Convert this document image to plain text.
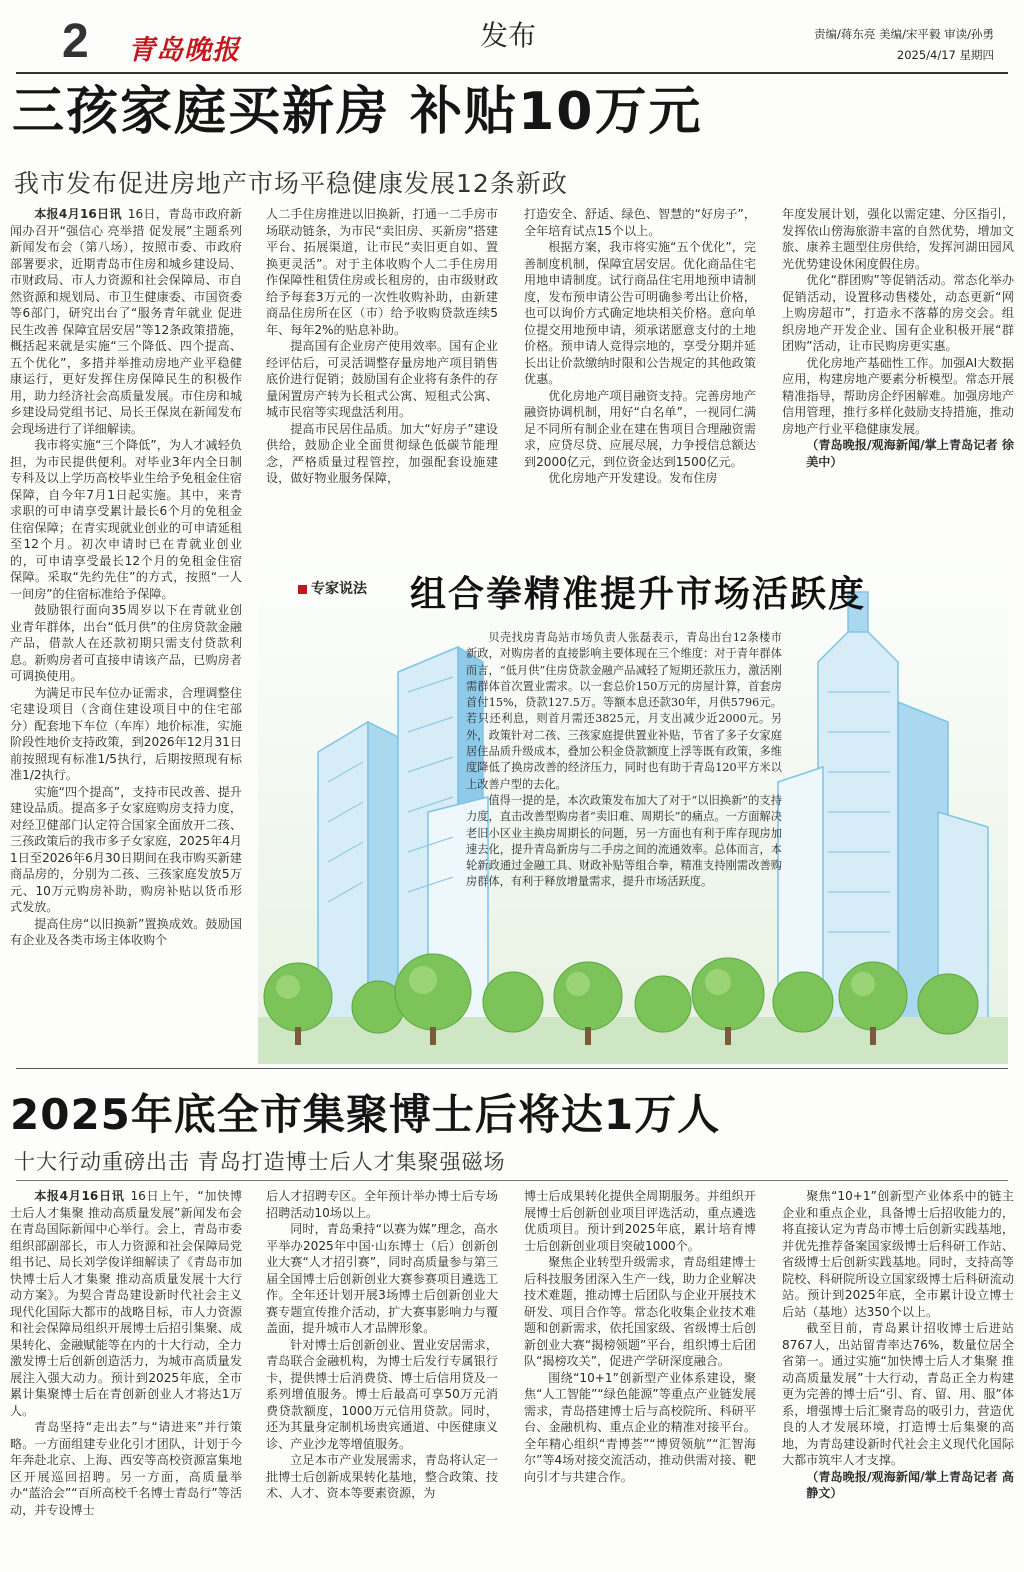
2 青岛晚报	发布	责编/蒋东亮 美编/宋平毅 审读/孙勇
2025/4/17 星期四
三孩家庭买新房 补贴10万元
我市发布促进房地产市场平稳健康发展12条新政

本报4月16日讯 16日，青岛市政府新闻办召开“强信心 亮举措 促发展”主题系列新闻发布会（第八场），按照市委、市政府部署要求，近期青岛市住房和城乡建设局、市财政局、市人力资源和社会保障局、市自然资源和规划局、市卫生健康委、市国资委等6部门，研究出台了“服务青年就业 促进民生改善 保障宜居安居”等12条政策措施，概括起来就是实施“三个降低、四个提高、五个优化”，多措并举推动房地产业平稳健康运行，更好发挥住房保障民生的积极作用，助力经济社会高质量发展。市住房和城乡建设局党组书记、局长王保岚在新闻发布会现场进行了详细解读。

我市将实施“三个降低”，为人才减轻负担，为市民提供便利。对毕业3年内全日制专科及以上学历高校毕业生给予免租金住宿保障，自今年7月1日起实施。其中，来青求职的可申请享受累计最长6个月的免租金住宿保障；在青实现就业创业的可申请延租至12个月。初次申请时已在青就业创业的，可申请享受最长12个月的免租金住宿保障。采取“先约先住”的方式，按照“一人一间房”的住宿标准给予保障。

鼓励银行面向35周岁以下在青就业创业青年群体，出台“低月供”的住房贷款金融产品，借款人在还款初期只需支付贷款利息。新购房者可直接申请该产品，已购房者可调换使用。

为满足市民车位办证需求，合理调整住宅建设项目（含商住建设项目中的住宅部分）配套地下车位（车库）地价标准，实施阶段性地价支持政策，到2026年12月31日前按照现有标准1/5执行，后期按照现有标准1/2执行。

实施“四个提高”，支持市民改善、提升建设品质。提高多子女家庭购房支持力度，对经卫健部门认定符合国家全面放开二孩、三孩政策后的我市多子女家庭，2025年4月1日至2026年6月30日期间在我市购买新建商品房的，分别为二孩、三孩家庭发放5万元、10万元购房补助，购房补贴以货币形式发放。

提高住房“以旧换新”置换成效。鼓励国有企业及各类市场主体收购个

人二手住房推进以旧换新，打通一二手房市场联动链条，为市民“卖旧房、买新房”搭建平台、拓展渠道，让市民“卖旧更自如、置换更灵活”。对于主体收购个人二手住房用作保障性租赁住房或长租房的，由市级财政给予每套3万元的一次性收购补助，由新建商品住房所在区（市）给予收购贷款连续5年、每年2%的贴息补助。

提高国有企业房产使用效率。国有企业经评估后，可灵活调整存量房地产项目销售底价进行促销；鼓励国有企业将有条件的存量闲置房产转为长租式公寓、短租式公寓、城市民宿等实现盘活利用。

提高市民居住品质。加大“好房子”建设供给，鼓励企业全面贯彻绿色低碳节能理念，严格质量过程管控，加强配套设施建设，做好物业服务保障，

打造安全、舒适、绿色、智慧的“好房子”，全年培育试点15个以上。

根据方案，我市将实施“五个优化”，完善制度机制，保障宜居安居。优化商品住宅用地申请制度。试行商品住宅用地预申请制度，发布预申请公告可明确参考出让价格，也可以询价方式确定地块相关价格。意向单位提交用地预申请，须承诺愿意支付的土地价格。预申请人竞得宗地的，享受分期并延长出让价款缴纳时限和公告规定的其他政策优惠。

优化房地产项目融资支持。完善房地产融资协调机制，用好“白名单”，一视同仁满足不同所有制企业在建在售项目合理融资需求，应贷尽贷、应展尽展，力争授信总额达到2000亿元，到位资金达到1500亿元。

优化房地产开发建设。发布住房

年度发展计划，强化以需定建、分区指引，发挥依山傍海旅游丰富的自然优势，增加文旅、康养主题型住房供给，发挥河湖田园风光优势建设休闲度假住房。

优化“群团购”等促销活动。常态化举办促销活动，设置移动售楼处，动态更新“网上购房超市”，打造永不落幕的房交会。组织房地产开发企业、国有企业积极开展“群团购”活动，让市民购房更实惠。

优化房地产基础性工作。加强AI大数据应用，构建房地产要素分析模型。常态开展精准指导，帮助房企纾困解难。加强房地产信用管理，推行多样化鼓励支持措施，推动房地产行业平稳健康发展。

（青岛晚报/观海新闻/掌上青岛记者 徐美中）

专家说法 组合拳精准提升市场活跃度

贝壳找房青岛站市场负责人张磊表示，青岛出台12条楼市新政，对购房者的直接影响主要体现在三个维度：对于青年群体而言，“低月供”住房贷款金融产品减轻了短期还款压力，激活刚需群体首次置业需求。以一套总价150万元的房屋计算，首套房首付15%，贷款127.5万。等额本息还款30年，月供5796元。若只还利息，则首月需还3825元，月支出减少近2000元。另外，政策针对二孩、三孩家庭提供置业补贴，节省了多子女家庭居住品质升级成本，叠加公积金贷款额度上浮等既有政策，多维度降低了换房改善的经济压力，同时也有助于青岛120平方米以上改善户型的去化。

值得一提的是，本次政策发布加大了对于“以旧换新”的支持力度，直击改善型购房者“卖旧难、周期长”的痛点。一方面解决老旧小区业主换房周期长的问题，另一方面也有利于库存现房加速去化，提升青岛新房与二手房之间的流通效率。总体而言，本轮新政通过金融工具、财政补贴等组合拳，精准支持刚需改善购房群体，有利于释放增量需求，提升市场活跃度。

2025年底全市集聚博士后将达1万人
十大行动重磅出击 青岛打造博士后人才集聚强磁场

本报4月16日讯 16日上午，“加快博士后人才集聚 推动高质量发展”新闻发布会在青岛国际新闻中心举行。会上，青岛市委组织部副部长，市人力资源和社会保障局党组书记、局长刘学俊详细解读了《青岛市加快博士后人才集聚 推动高质量发展十大行动方案》。为契合青岛建设新时代社会主义现代化国际大都市的战略目标，市人力资源和社会保障局组织开展博士后招引集聚、成果转化、金融赋能等在内的十大行动，全力激发博士后创新创造活力，为城市高质量发展注入强大动力。预计到2025年底，全市累计集聚博士后在青创新创业人才将达1万人。

青岛坚持“走出去”与“请进来”并行策略。一方面组建专业化引才团队，计划于今年奔赴北京、上海、西安等高校资源富集地区开展巡回招聘。另一方面，高质量举办“蓝洽会”“百所高校千名博士青岛行”等活动，并专设博士

后人才招聘专区。全年预计举办博士后专场招聘活动10场以上。

同时，青岛秉持“以赛为媒”理念，高水平举办2025年中国·山东博士（后）创新创业大赛“人才招引赛”，同时高质量参与第三届全国博士后创新创业大赛参赛项目遴选工作。全年还计划开展3场博士后创新创业大赛专题宣传推介活动，扩大赛事影响力与覆盖面，提升城市人才品牌形象。

针对博士后创新创业、置业安居需求，青岛联合金融机构，为博士后发行专属银行卡，提供博士后消费贷、博士后信用贷及一系列增值服务。博士后最高可享50万元消费贷款额度，1000万元信用贷款。同时，还为其量身定制机场贵宾通道、中医健康义诊、产业沙龙等增值服务。

立足本市产业发展需求，青岛将认定一批博士后创新成果转化基地，整合政策、技术、人才、资本等要素资源，为

博士后成果转化提供全周期服务。并组织开展博士后创新创业项目评选活动，重点遴选优质项目。预计到2025年底，累计培育博士后创新创业项目突破1000个。

聚焦企业转型升级需求，青岛组建博士后科技服务团深入生产一线，助力企业解决技术难题，推动博士后团队与企业开展技术研发、项目合作等。常态化收集企业技术难题和创新需求，依托国家级、省级博士后创新创业大赛“揭榜领题”平台，组织博士后团队“揭榜攻关”，促进产学研深度融合。

围绕“10+1”创新型产业体系建设，聚焦“人工智能”“绿色能源”等重点产业链发展需求，青岛搭建博士后与高校院所、科研平台、金融机构、重点企业的精准对接平台。全年精心组织“青博荟”“博贸领航”“汇智海尔”等4场对接交流活动，推动供需对接、靶向引才与共建合作。

聚焦“10+1”创新型产业体系中的链主企业和重点企业，具备博士后招收能力的，将直接认定为青岛市博士后创新实践基地，并优先推荐备案国家级博士后科研工作站、省级博士后创新实践基地。同时，支持高等院校、科研院所设立国家级博士后科研流动站。预计到2025年底，全市累计设立博士后站（基地）达350个以上。

截至目前，青岛累计招收博士后进站8767人，出站留青率达76%，数量位居全省第一。通过实施“加快博士后人才集聚 推动高质量发展”十大行动，青岛正全力构建更为完善的博士后“引、育、留、用、服”体系，增强博士后汇聚青岛的吸引力，营造优良的人才发展环境，打造博士后集聚的高地，为青岛建设新时代社会主义现代化国际大都市筑牢人才支撑。

（青岛晚报/观海新闻/掌上青岛记者 高静文）
